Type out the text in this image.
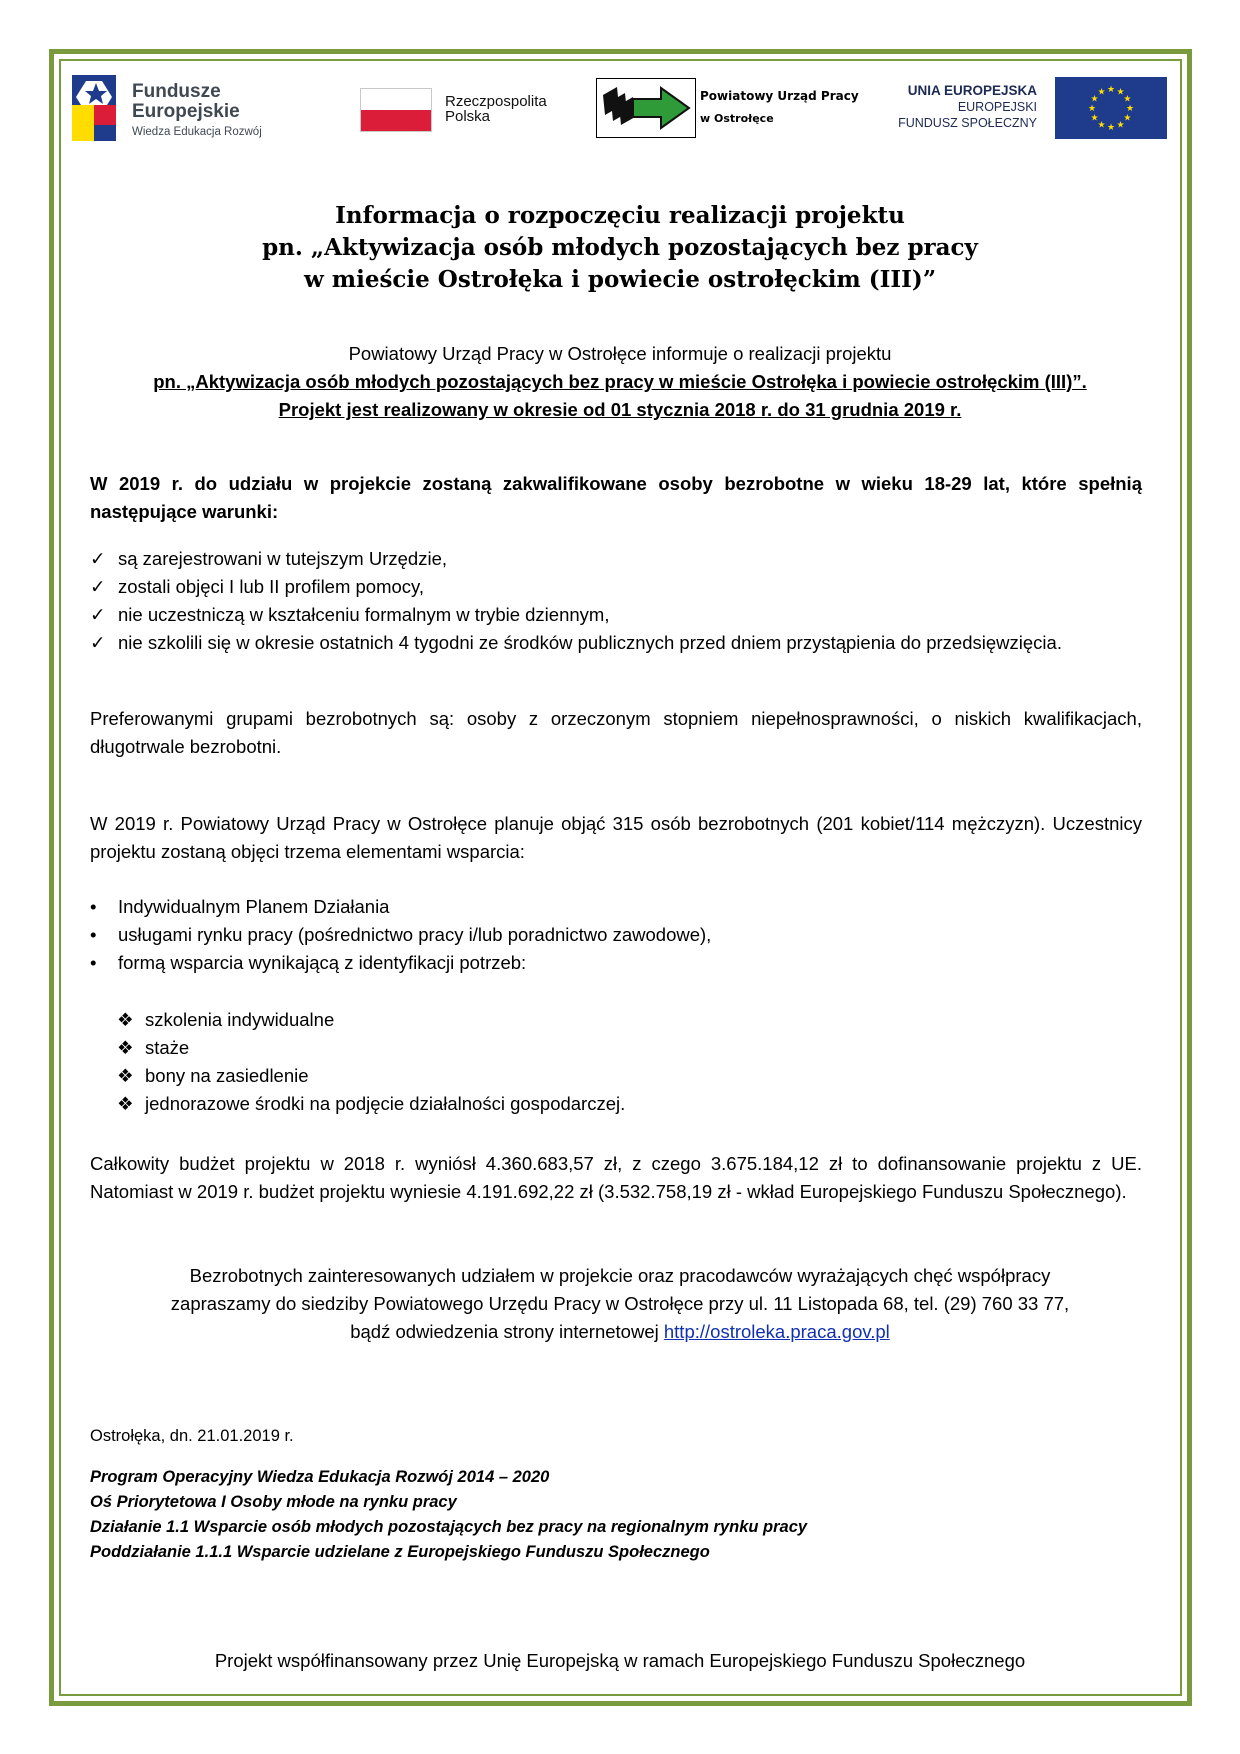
Fundusze
Europejskie
Wiedza Edukacja Rozwój
Rzeczpospolita
Polska
Powiatowy Urząd Pracy
w Ostrołęce
UNIA EUROPEJSKA
EUROPEJSKI
FUNDUSZ SPOŁECZNY
★ ★
★
★
★
★
★
★
★
★
★
★
Informacja o rozpoczęciu realizacji projektu
pn. „Aktywizacja osób młodych pozostających bez pracy
w mieście Ostrołęka i powiecie ostrołęckim (III)”
Powiatowy Urząd Pracy w Ostrołęce informuje o realizacji projektu
pn. „Aktywizacja osób młodych pozostających bez pracy w mieście Ostrołęka i powiecie ostrołęckim (III)”.
Projekt jest realizowany w okresie od 01 stycznia 2018 r. do 31 grudnia 2019 r.
W 2019 r. do udziału w projekcie zostaną zakwalifikowane osoby bezrobotne w wieku 18-29 lat, które spełnią następujące warunki:
✓ są zarejestrowani w tutejszym Urzędzie,
✓ zostali objęci I lub II profilem pomocy,
✓ nie uczestniczą w kształceniu formalnym w trybie dziennym,
✓ nie szkolili się w okresie ostatnich 4 tygodni ze środków publicznych przed dniem przystąpienia do przedsięwzięcia.
Preferowanymi grupami bezrobotnych są: osoby z orzeczonym stopniem niepełnosprawności, o niskich kwalifikacjach, długotrwale bezrobotni.
W 2019 r. Powiatowy Urząd Pracy w Ostrołęce planuje objąć 315 osób bezrobotnych (201 kobiet/114 mężczyzn). Uczestnicy projektu zostaną objęci trzema elementami wsparcia:
• Indywidualnym Planem Działania
• usługami rynku pracy (pośrednictwo pracy i/lub poradnictwo zawodowe),
• formą wsparcia wynikającą z identyfikacji potrzeb:
❖ szkolenia indywidualne
❖ staże
❖ bony na zasiedlenie
❖ jednorazowe środki na podjęcie działalności gospodarczej.
Całkowity budżet projektu w 2018 r. wyniósł 4.360.683,57 zł, z czego 3.675.184,12 zł to dofinansowanie projektu z UE. Natomiast w 2019 r. budżet projektu wyniesie 4.191.692,22 zł (3.532.758,19 zł - wkład Europejskiego Funduszu Społecznego).
Bezrobotnych zainteresowanych udziałem w projekcie oraz pracodawców wyrażających chęć współpracy
zapraszamy do siedziby Powiatowego Urzędu Pracy w Ostrołęce przy ul. 11 Listopada 68, tel. (29) 760 33 77,
bądź odwiedzenia strony internetowej http://ostroleka.praca.gov.pl
Ostrołęka, dn. 21.01.2019 r.
Program Operacyjny Wiedza Edukacja Rozwój 2014 – 2020
Oś Priorytetowa I Osoby młode na rynku pracy
Działanie 1.1 Wsparcie osób młodych pozostających bez pracy na regionalnym rynku pracy
Poddziałanie 1.1.1 Wsparcie udzielane z Europejskiego Funduszu Społecznego
Projekt współfinansowany przez Unię Europejską w ramach Europejskiego Funduszu Społecznego
